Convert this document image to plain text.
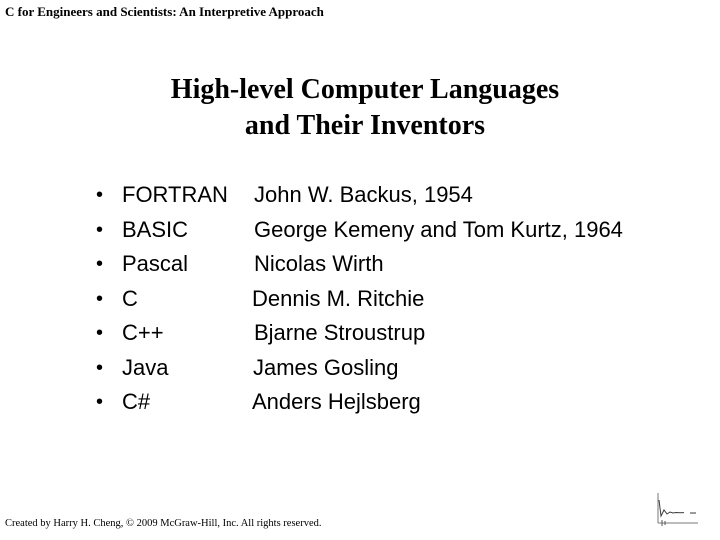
C for Engineers and Scientists: An Interpretive Approach
High-level Computer Languages
and Their Inventors
• FORTRAN John W. Backus, 1954
• BASIC	George Kemeny and Tom Kurtz, 1964
• Pascal	Nicolas Wirth
• C	Dennis M. Ritchie
• C++	Bjarne Stroustrup
• Java	James Gosling
• C#	Anders Hejlsberg
Created by Harry H. Cheng, © 2009 McGraw-Hill, Inc. All rights reserved.
